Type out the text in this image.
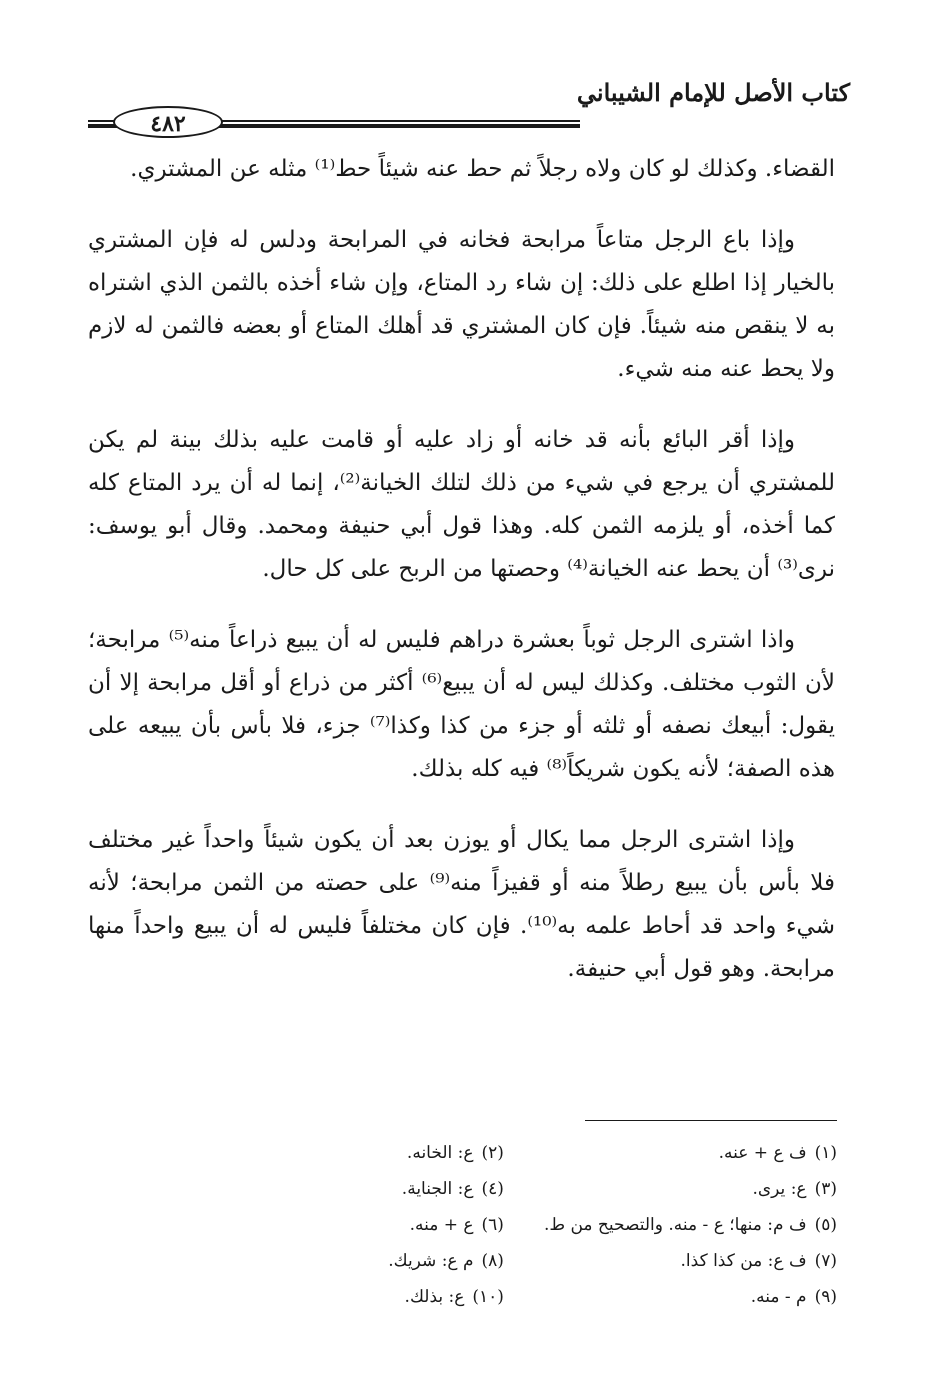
كتاب الأصل للإمام الشيباني
٤٨٢

القضاء. وكذلك لو كان ولاه رجلاً ثم حط عنه شيئاً حط⁽¹⁾ مثله عن المشتري.

وإذا باع الرجل متاعاً مرابحة فخانه في المرابحة ودلس له فإن المشتري بالخيار إذا اطلع على ذلك: إن شاء رد المتاع، وإن شاء أخذه بالثمن الذي اشتراه به لا ينقص منه شيئاً. فإن كان المشتري قد أهلك المتاع أو بعضه فالثمن له لازم ولا يحط عنه منه شيء.

وإذا أقر البائع بأنه قد خانه أو زاد عليه أو قامت عليه بذلك بينة لم يكن للمشتري أن يرجع في شيء من ذلك لتلك الخيانة⁽²⁾، إنما له أن يرد المتاع كله كما أخذه، أو يلزمه الثمن كله. وهذا قول أبي حنيفة ومحمد. وقال أبو يوسف: نرى⁽³⁾ أن يحط عنه الخيانة⁽⁴⁾ وحصتها من الربح على كل حال.

واذا اشترى الرجل ثوباً بعشرة دراهم فليس له أن يبيع ذراعاً منه⁽⁵⁾ مرابحة؛ لأن الثوب مختلف. وكذلك ليس له أن يبيع⁽⁶⁾ أكثر من ذراع أو أقل مرابحة إلا أن يقول: أبيعك نصفه أو ثلثه أو جزء من كذا وكذا⁽⁷⁾ جزء، فلا بأس بأن يبيعه على هذه الصفة؛ لأنه يكون شريكاً⁽⁸⁾ فيه كله بذلك.

وإذا اشترى الرجل مما يكال أو يوزن بعد أن يكون شيئاً واحداً غير مختلف فلا بأس بأن يبيع رطلاً منه أو قفيزاً منه⁽⁹⁾ على حصته من الثمن مرابحة؛ لأنه شيء واحد قد أحاط علمه به⁽¹⁰⁾. فإن كان مختلفاً فليس له أن يبيع واحداً منها مرابحة. وهو قول أبي حنيفة.

(١)ف ع + عنه.
(٢)ع: الخانه.
(٣)ع: يرى.
(٤)ع: الجناية.
(٥)ف م: منها؛ ع - منه. والتصحيح من ط.
(٦)ع + منه.
(٧)ف ع: من كذا كذا.
(٨)م ع: شريك.
(٩)م - منه.
(١٠)ع: بذلك.
